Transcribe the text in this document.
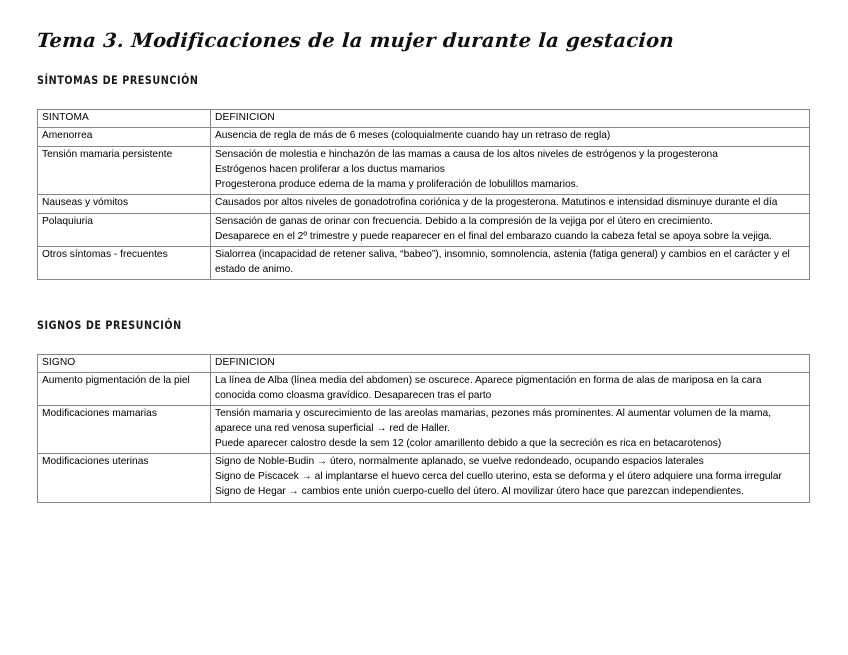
Tema 3. Modificaciones de la mujer durante la gestacion
SÍNTOMAS DE PRESUNCIÓN
SINTOMA	DEFINICION
Amenorrea	Ausencia de regla de más de 6 meses (coloquialmente cuando hay un retraso de regla)

Tensión mamaria persistente	Sensación de molestia e hinchazón de las mamas a causa de los altos niveles de estrógenos y la progesterona
Estrógenos hacen proliferar a los ductus mamarios
Progesterona produce edema de la mama y proliferación de lobulillos mamarios.

Nauseas y vómitos	Causados por altos niveles de gonadotrofina coriónica y de la progesterona. Matutinos e intensidad disminuye durante el día

Polaquiuria	Sensación de ganas de orinar con frecuencia. Debido a la compresión de la vejiga por el útero en crecimiento.
Desaparece en el 2º trimestre y puede reaparecer en el final del embarazo cuando la cabeza fetal se apoya sobre la vejiga.

Otros síntomas - frecuentes	Sialorrea (incapacidad de retener saliva, “babeo”), insomnio, somnolencia, astenia (fatiga general) y cambios en el carácter y el estado de animo.
SIGNOS DE PRESUNCIÓN
SIGNO	DEFINICION
Aumento pigmentación de la piel	La línea de Alba (línea media del abdomen) se oscurece. Aparece pigmentación en forma de alas de mariposa en la cara conocida como cloasma gravídico. Desaparecen tras el parto

Modificaciones mamarias	Tensión mamaria y oscurecimiento de las areolas mamarias, pezones más prominentes. Al aumentar volumen de la mama, aparece una red venosa superficial → red de Haller.
Puede aparecer calostro desde la sem 12 (color amarillento debido a que la secreción es rica en betacarotenos)

Modificaciones uterinas	Signo de Noble-Budin → útero, normalmente aplanado, se vuelve redondeado, ocupando espacios laterales
Signo de Piscacek → al implantarse el huevo cerca del cuello uterino, esta se deforma y el útero adquiere una forma irregular
Signo de Hegar → cambios ente unión cuerpo-cuello del útero. Al movilizar útero hace que parezcan independientes.
